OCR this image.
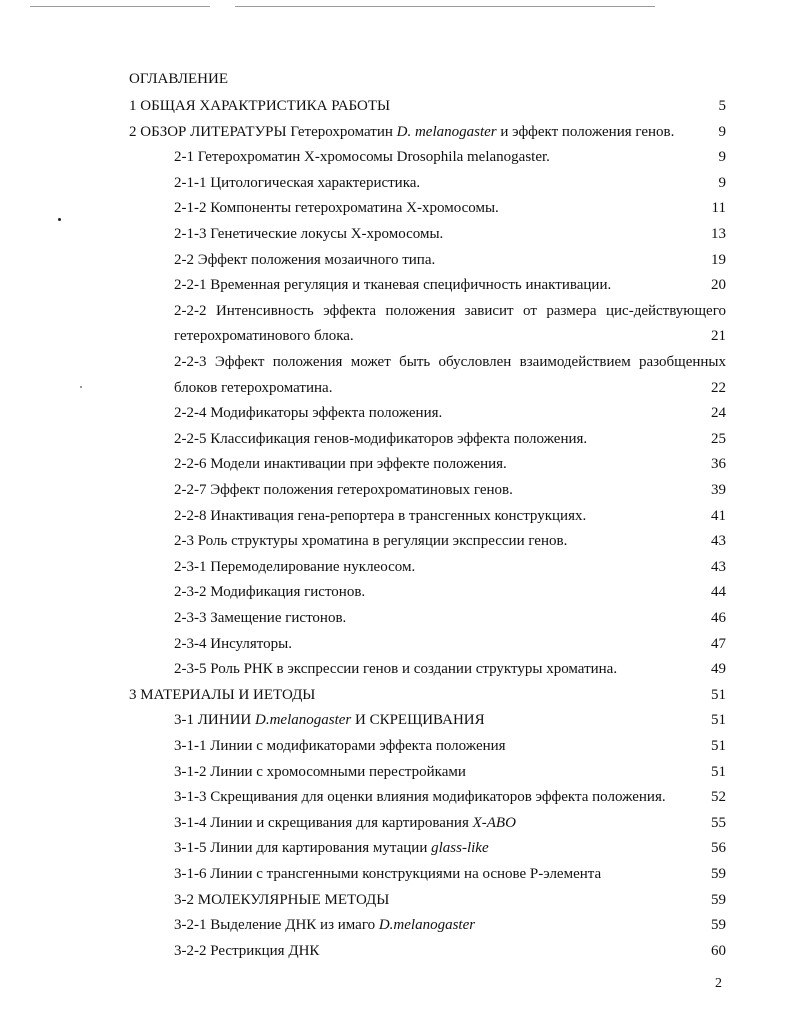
ОГЛАВЛЕНИЕ
1 ОБЩАЯ ХАРАКТРИСТИКА РАБОТЫ	5
2 ОБЗОР ЛИТЕРАТУРЫ Гетерохроматин D. melanogaster и эффект положения генов.	9
2-1 Гетерохроматин Х-хромосомы Drosophila melanogaster.	9
2-1-1 Цитологическая характеристика.	9
2-1-2 Компоненты гетерохроматина Х-хромосомы.	11
2-1-3 Генетические локусы Х-хромосомы.	13
2-2 Эффект положения мозаичного типа.	19
2-2-1 Временная регуляция и тканевая специфичность инактивации.	20
2-2-2 Интенсивность эффекта положения зависит от размера цис-действующего
гетерохроматинового блока.	21
2-2-3 Эффект положения может быть обусловлен взаимодействием разобщенных
блоков гетерохроматина.	22
2-2-4 Модификаторы эффекта положения.	24
2-2-5 Классификация генов-модификаторов эффекта положения.	25
2-2-6 Модели инактивации при эффекте положения.	36
2-2-7 Эффект положения гетерохроматиновых генов.	39
2-2-8 Инактивация гена-репортера в трансгенных конструкциях.	41
2-3 Роль структуры хроматина в регуляции экспрессии генов.	43
2-3-1 Перемоделирование нуклеосом.	43
2-3-2 Модификация гистонов.	44
2-3-3 Замещение гистонов.	46
2-3-4 Инсуляторы.	47
2-3-5 Роль РНК в экспрессии генов и создании структуры хроматина.	49
3 МАТЕРИАЛЫ И ИЕТОДЫ	51
3-1 ЛИНИИ D.melanogaster И СКРЕЩИВАНИЯ	51
3-1-1 Линии с модификаторами эффекта положения	51
3-1-2 Линии с хромосомными перестройками	51
3-1-3 Скрещивания для оценки влияния модификаторов эффекта положения.	52
3-1-4 Линии и скрещивания для картирования X-ABO	55
3-1-5 Линии для картирования мутации glass-like	56
3-1-6 Линии с трансгенными конструкциями на основе Р-элемента	59
3-2 МОЛЕКУЛЯРНЫЕ МЕТОДЫ	59
3-2-1 Выделение ДНК из имаго D.melanogaster	59
3-2-2 Рестрикция ДНК	60
2
